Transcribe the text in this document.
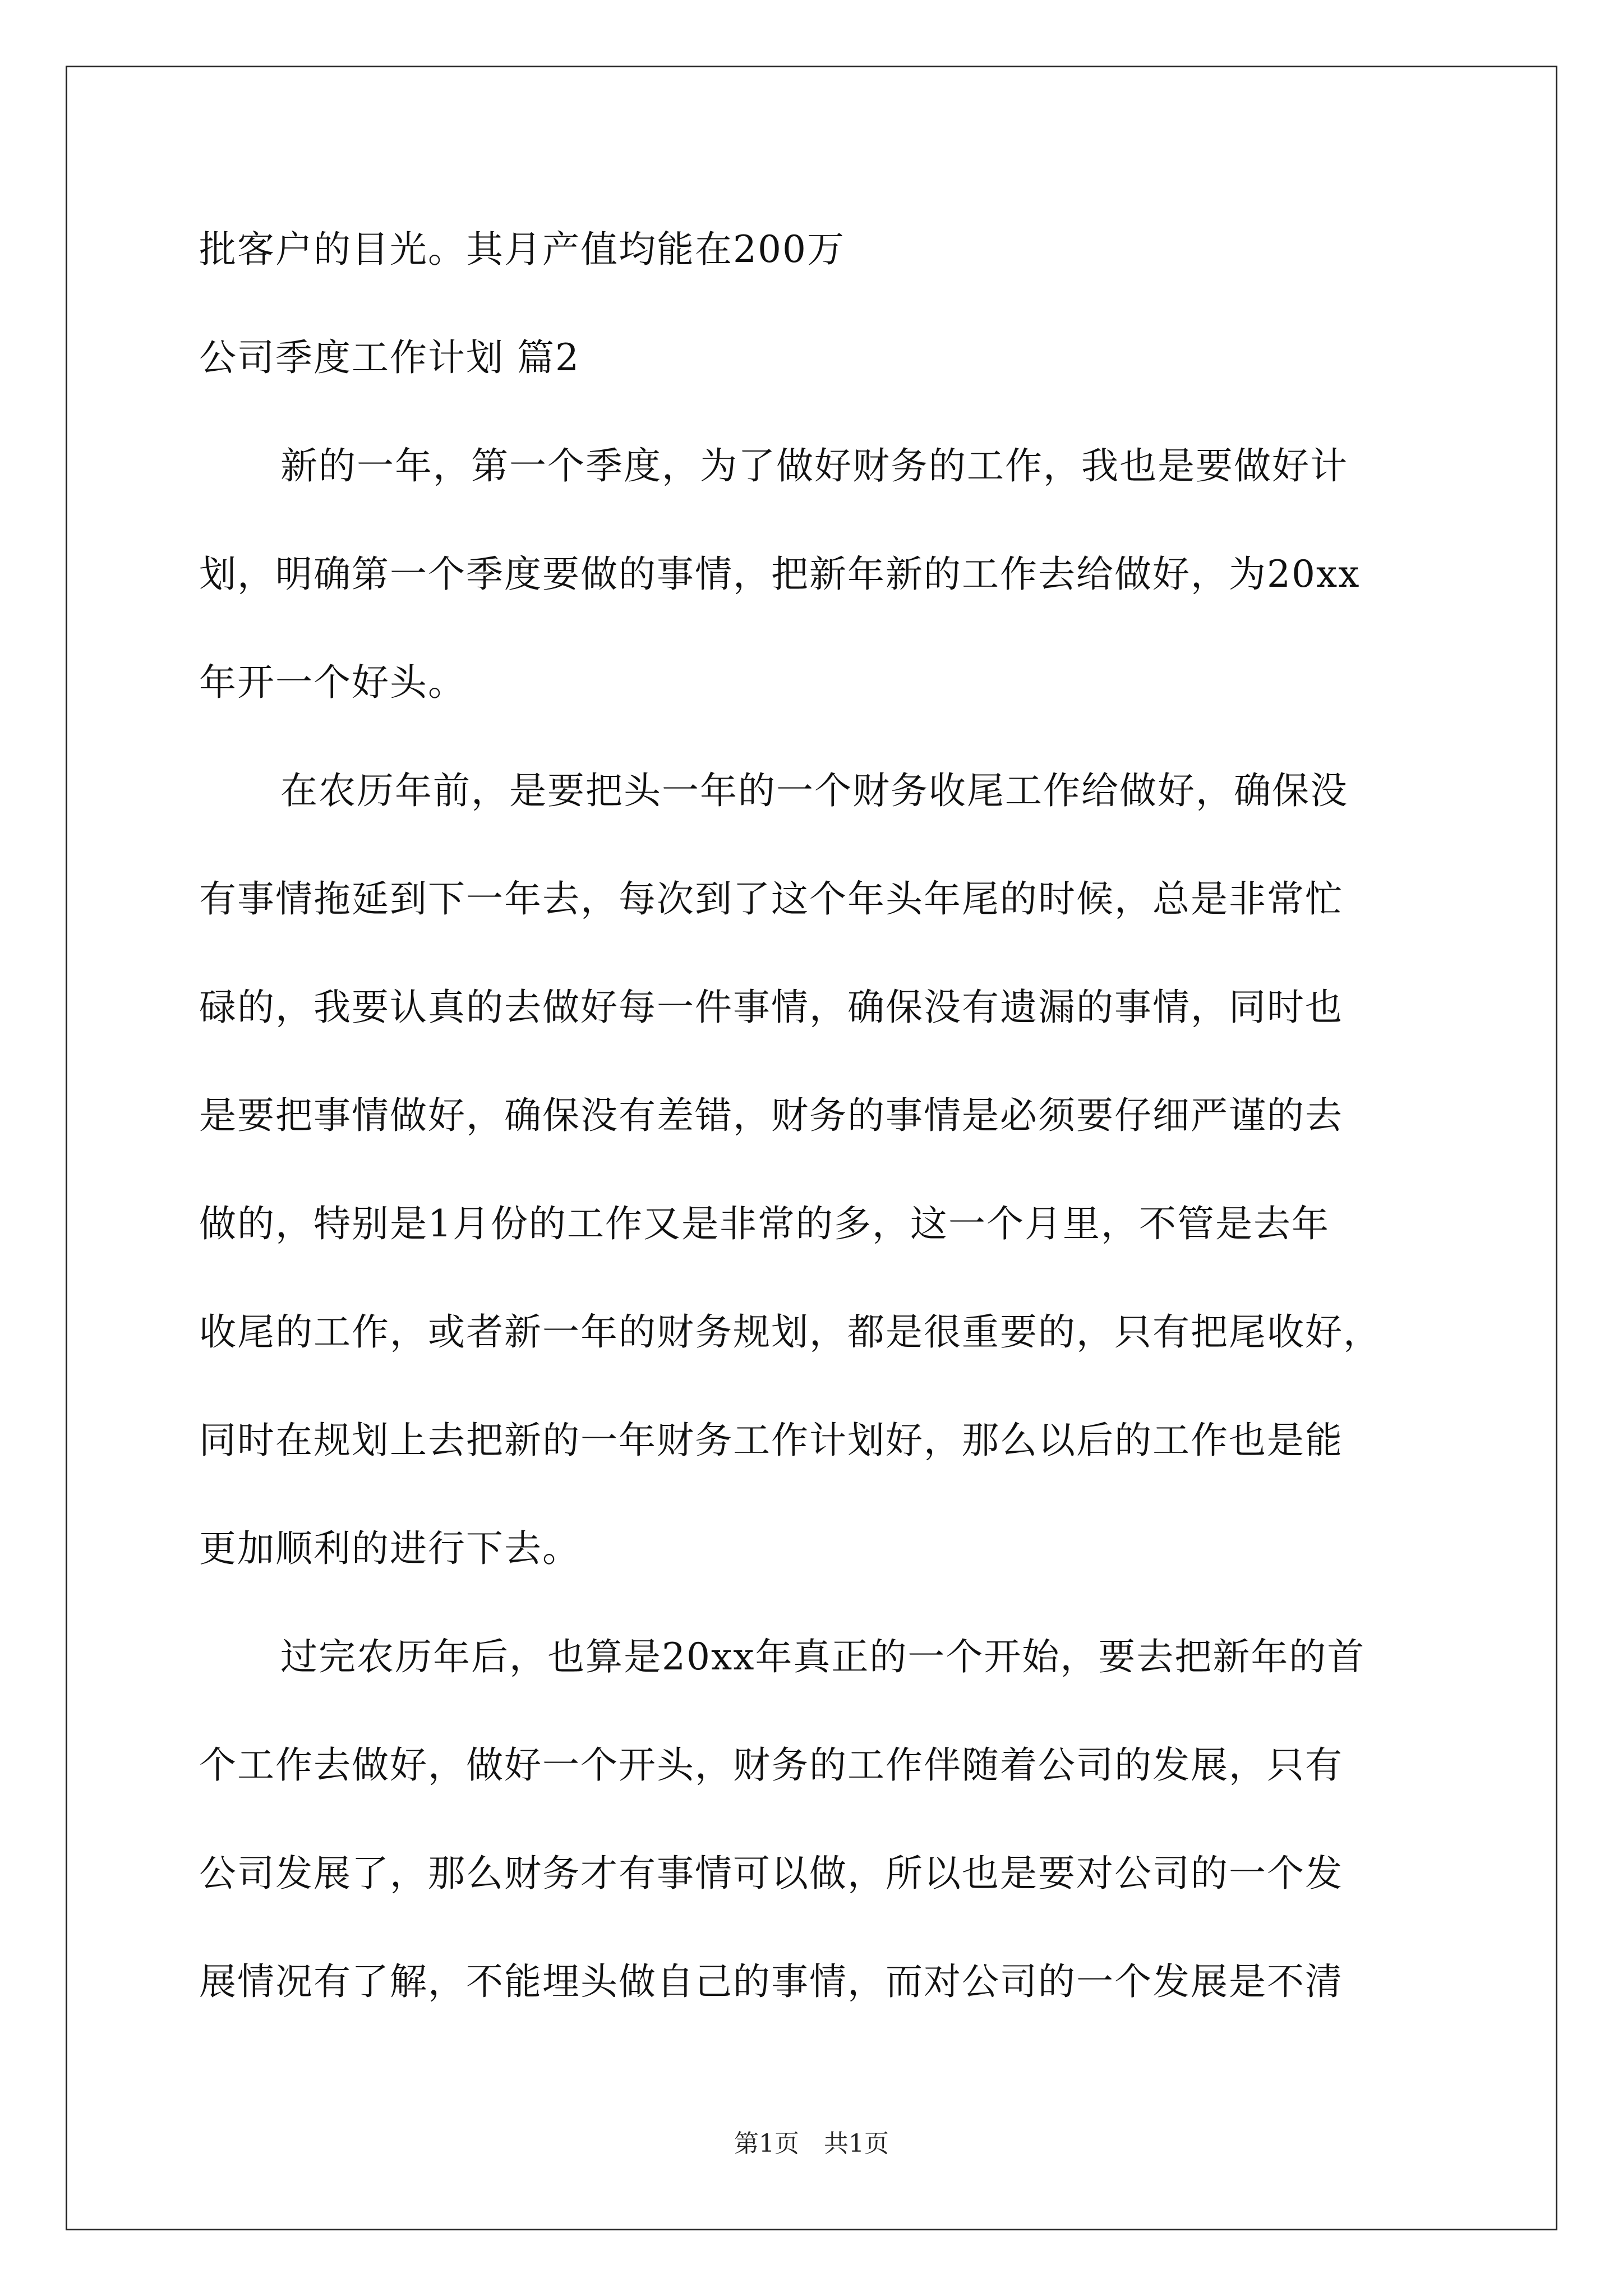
批客户的目光。其月产值均能在200万
公司季度工作计划 篇2
新的一年，第一个季度，为了做好财务的工作，我也是要做好计
划，明确第一个季度要做的事情，把新年新的工作去给做好，为20xx
年开一个好头。
在农历年前，是要把头一年的一个财务收尾工作给做好，确保没
有事情拖延到下一年去，每次到了这个年头年尾的时候，总是非常忙
碌的，我要认真的去做好每一件事情，确保没有遗漏的事情，同时也
是要把事情做好，确保没有差错，财务的事情是必须要仔细严谨的去
做的，特别是1月份的工作又是非常的多，这一个月里，不管是去年
收尾的工作，或者新一年的财务规划，都是很重要的，只有把尾收好，
同时在规划上去把新的一年财务工作计划好，那么以后的工作也是能
更加顺利的进行下去。
过完农历年后，也算是20xx年真正的一个开始，要去把新年的首
个工作去做好，做好一个开头，财务的工作伴随着公司的发展，只有
公司发展了，那么财务才有事情可以做，所以也是要对公司的一个发
展情况有了解，不能埋头做自己的事情，而对公司的一个发展是不清
第1页　共1页
